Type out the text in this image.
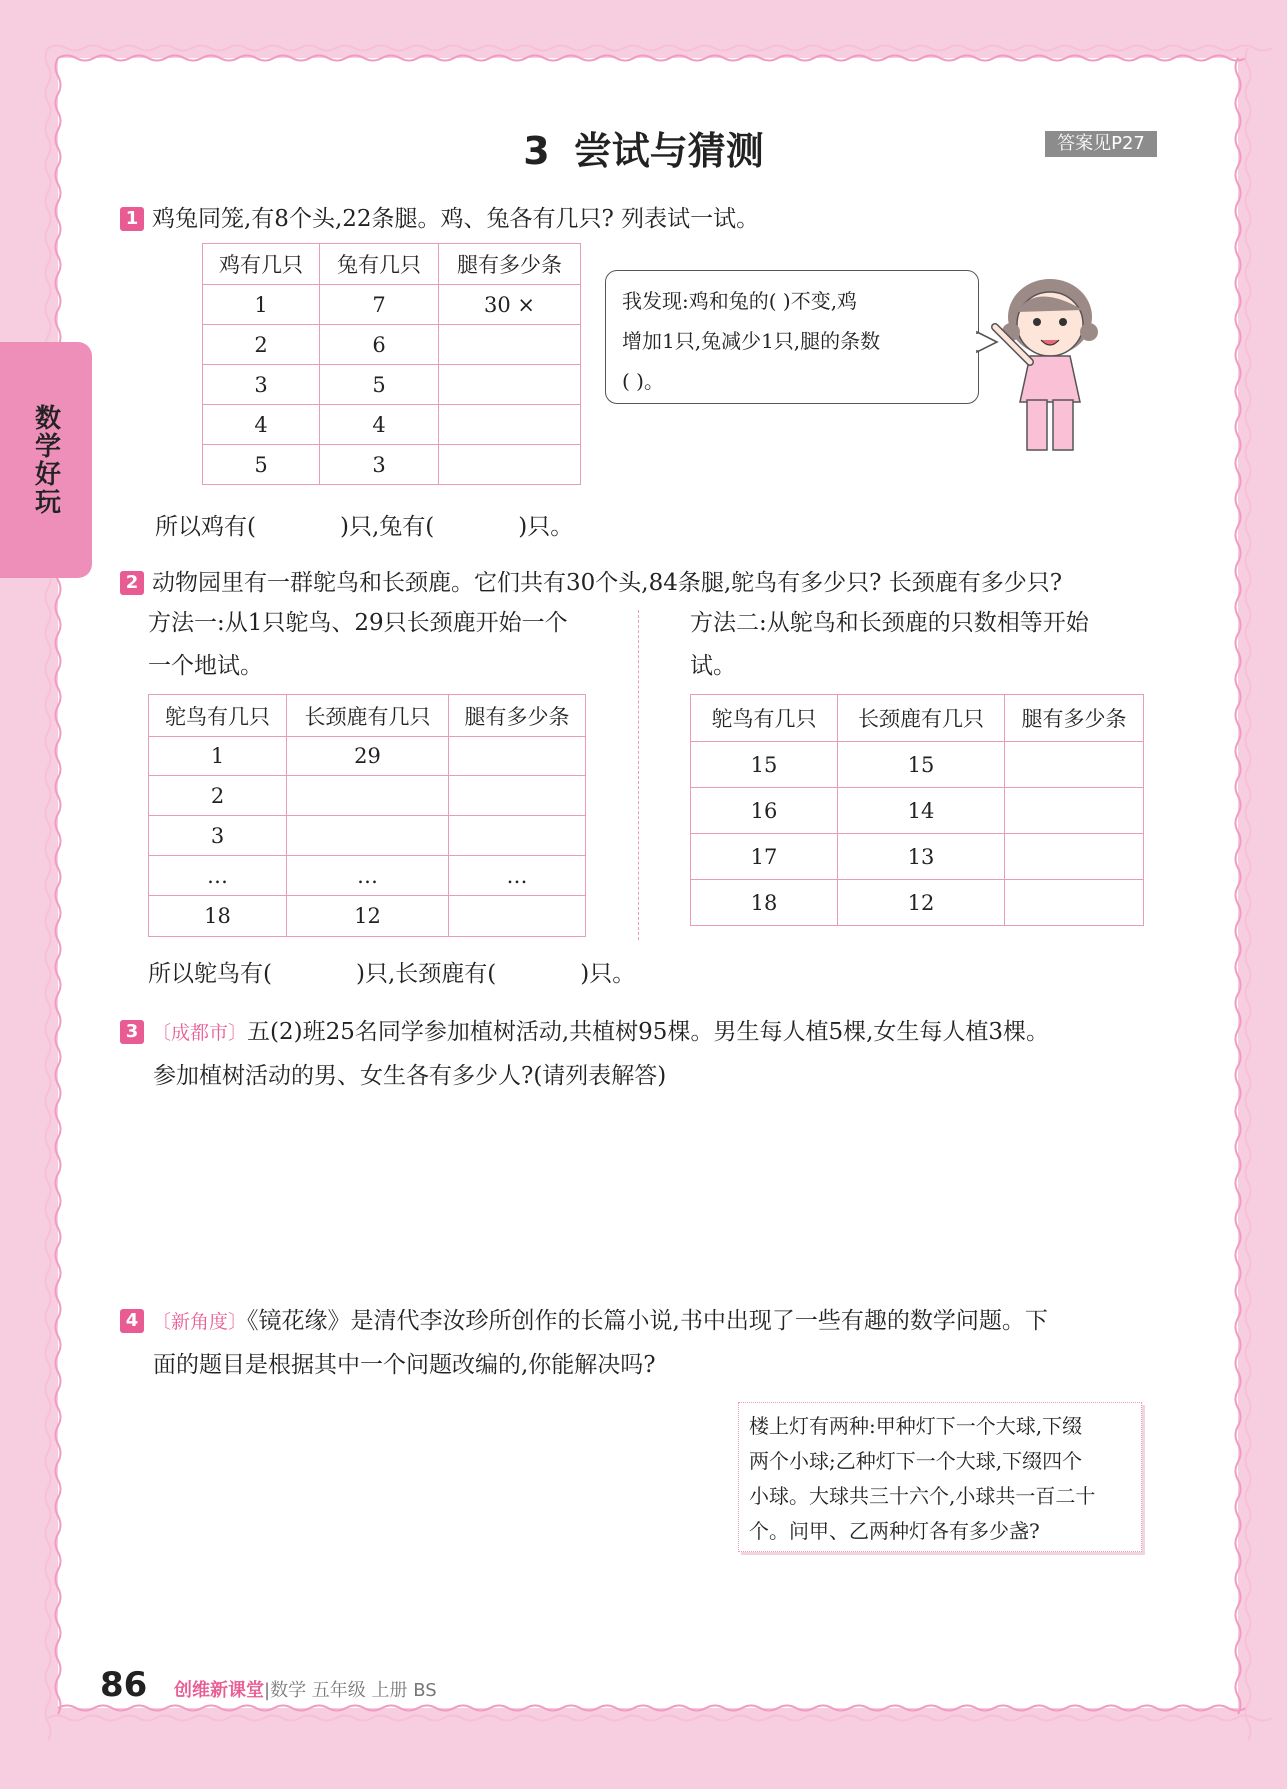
数学好玩
3 尝试与猜测	答案见P27
1 鸡兔同笼,有8个头,22条腿。鸡、兔各有几只? 列表试一试。
鸡有几只	兔有几只	腿有多少条
1	7	30 ×
2	6	
3	5	
4	4	
5	3	
我发现:鸡和兔的( )不变,鸡
增加1只,兔减少1只,腿的条数
( )。
所以鸡有(	)只,兔有(	)只。
2 动物园里有一群鸵鸟和长颈鹿。它们共有30个头,84条腿,鸵鸟有多少只? 长颈鹿有多少只?
方法一:从1只鸵鸟、29只长颈鹿开始一个
一个地试。
方法二:从鸵鸟和长颈鹿的只数相等开始
试。
鸵鸟有几只	长颈鹿有几只	腿有多少条
1	29	
2		
3		
…	…	…
18	12	
鸵鸟有几只	长颈鹿有几只	腿有多少条
15	15	
16	14	
17	13	
18	12	
所以鸵鸟有(	)只,长颈鹿有(	)只。
3 〔成都市〕五(2)班25名同学参加植树活动,共植树95棵。男生每人植5棵,女生每人植3棵。
参加植树活动的男、女生各有多少人?(请列表解答)
4 〔新角度〕《镜花缘》是清代李汝珍所创作的长篇小说,书中出现了一些有趣的数学问题。下
面的题目是根据其中一个问题改编的,你能解决吗?
楼上灯有两种:甲种灯下一个大球,下缀
两个小球;乙种灯下一个大球,下缀四个
小球。大球共三十六个,小球共一百二十
个。问甲、乙两种灯各有多少盏?
86 创维新课堂|数学 五年级 上册 BS
